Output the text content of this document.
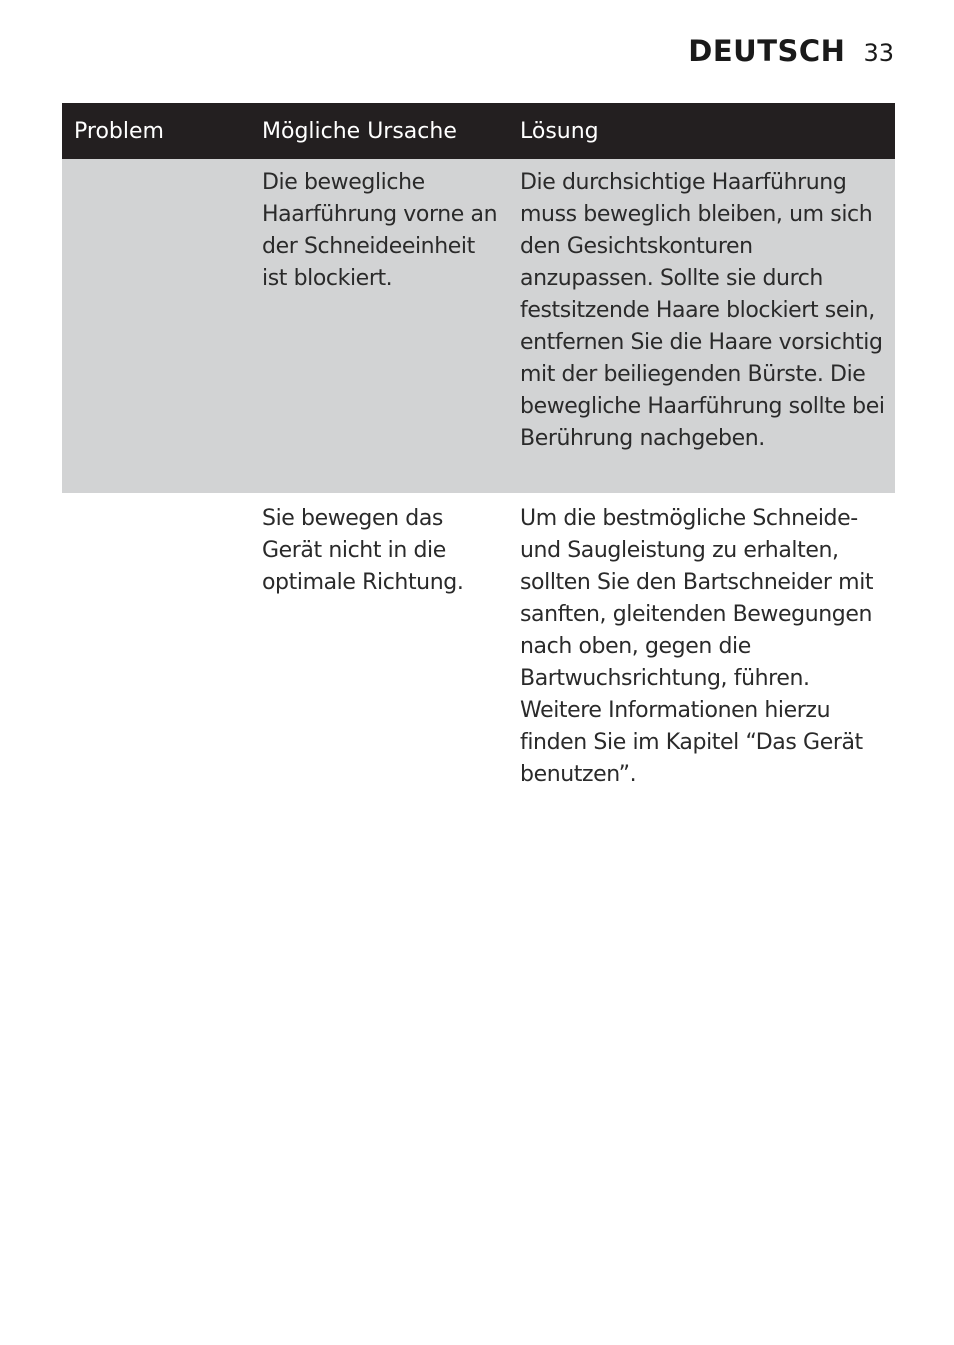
DEUTSCH 33
Problem	Mögliche Ursache	Lösung
Die bewegliche Haarführung vorne an der Schneideeinheit ist blockiert.
Die durchsichtige Haarführung muss beweglich bleiben, um sich den Gesichtskonturen anzupassen. Sollte sie durch festsitzende Haare blockiert sein, entfernen Sie die Haare vorsichtig mit der beiliegenden Bürste. Die bewegliche Haarführung sollte bei Berührung nachgeben.
Sie bewegen das Gerät nicht in die optimale Richtung.
Um die bestmögliche Schneide- und Saugleistung zu erhalten, sollten Sie den Bartschneider mit sanften, gleitenden Bewegungen nach oben, gegen die Bartwuchsrichtung, führen. Weitere Informationen hierzu finden Sie im Kapitel “Das Gerät benutzen”.
